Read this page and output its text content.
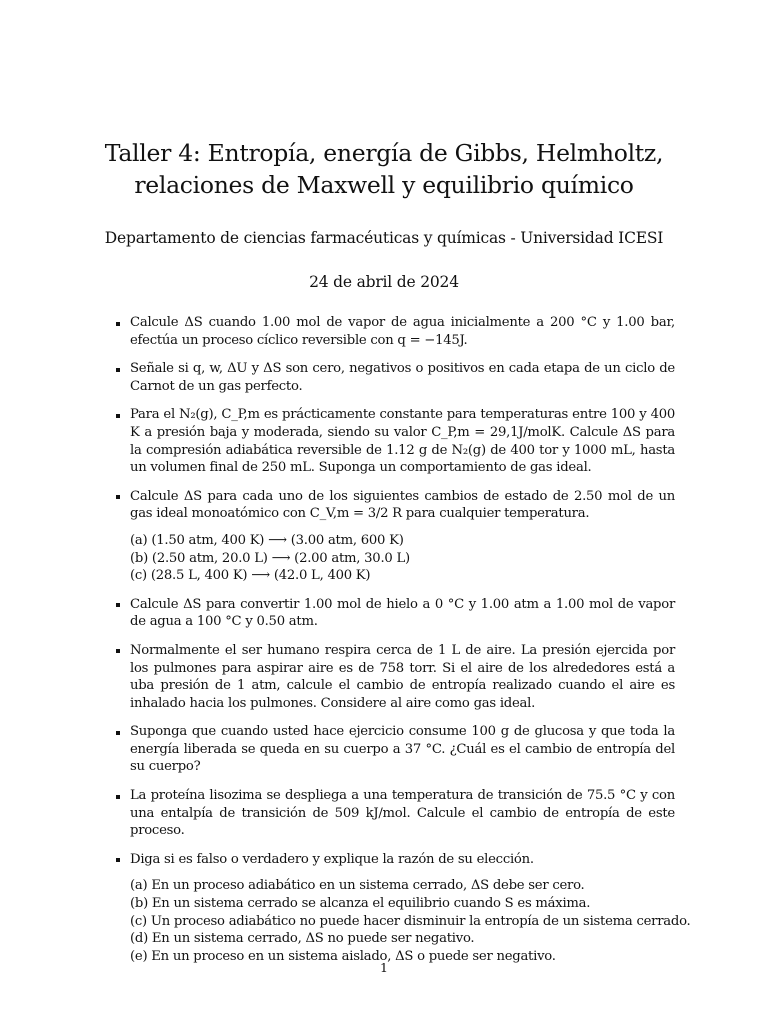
Taller 4: Entropía, energía de Gibbs, Helmholtz,
relaciones de Maxwell y equilibrio químico
Departamento de ciencias farmacéuticas y químicas - Universidad ICESI
24 de abril de 2024
Calcule ΔS cuando 1.00 mol de vapor de agua inicialmente a 200 °C y 1.00 bar, efectúa un proceso cíclico reversible con q = −145J.
Señale si q, w, ΔU y ΔS son cero, negativos o positivos en cada etapa de un ciclo de Carnot de un gas perfecto.
Para el N₂(g), C_P,m es prácticamente constante para temperaturas entre 100 y 400 K a presión baja y moderada, siendo su valor C_P,m = 29,1J/molK. Calcule ΔS para la compresión adiabática reversible de 1.12 g de N₂(g) de 400 tor y 1000 mL, hasta un volumen final de 250 mL. Suponga un comportamiento de gas ideal.
Calcule ΔS para cada uno de los siguientes cambios de estado de 2.50 mol de un gas ideal monoatómico con C_V,m = 3/2 R para cualquier temperatura.
(a) (1.50 atm, 400 K) ⟶ (3.00 atm, 600 K)
(b) (2.50 atm, 20.0 L) ⟶ (2.00 atm, 30.0 L)
(c) (28.5 L, 400 K) ⟶ (42.0 L, 400 K)
Calcule ΔS para convertir 1.00 mol de hielo a 0 °C y 1.00 atm a 1.00 mol de vapor de agua a 100 °C y 0.50 atm.
Normalmente el ser humano respira cerca de 1 L de aire. La presión ejercida por los pulmones para aspirar aire es de 758 torr. Si el aire de los alrededores está a uba presión de 1 atm, calcule el cambio de entropía realizado cuando el aire es inhalado hacia los pulmones. Considere al aire como gas ideal.
Suponga que cuando usted hace ejercicio consume 100 g de glucosa y que toda la energía liberada se queda en su cuerpo a 37 °C. ¿Cuál es el cambio de entropía del su cuerpo?
La proteína lisozima se despliega a una temperatura de transición de 75.5 °C y con una entalpía de transición de 509 kJ/mol. Calcule el cambio de entropía de este proceso.
Diga si es falso o verdadero y explique la razón de su elección.
(a) En un proceso adiabático en un sistema cerrado, ΔS debe ser cero.
(b) En un sistema cerrado se alcanza el equilibrio cuando S es máxima.
(c) Un proceso adiabático no puede hacer disminuir la entropía de un sistema cerrado.
(d) En un sistema cerrado, ΔS no puede ser negativo.
(e) En un proceso en un sistema aislado, ΔS o puede ser negativo.
1
